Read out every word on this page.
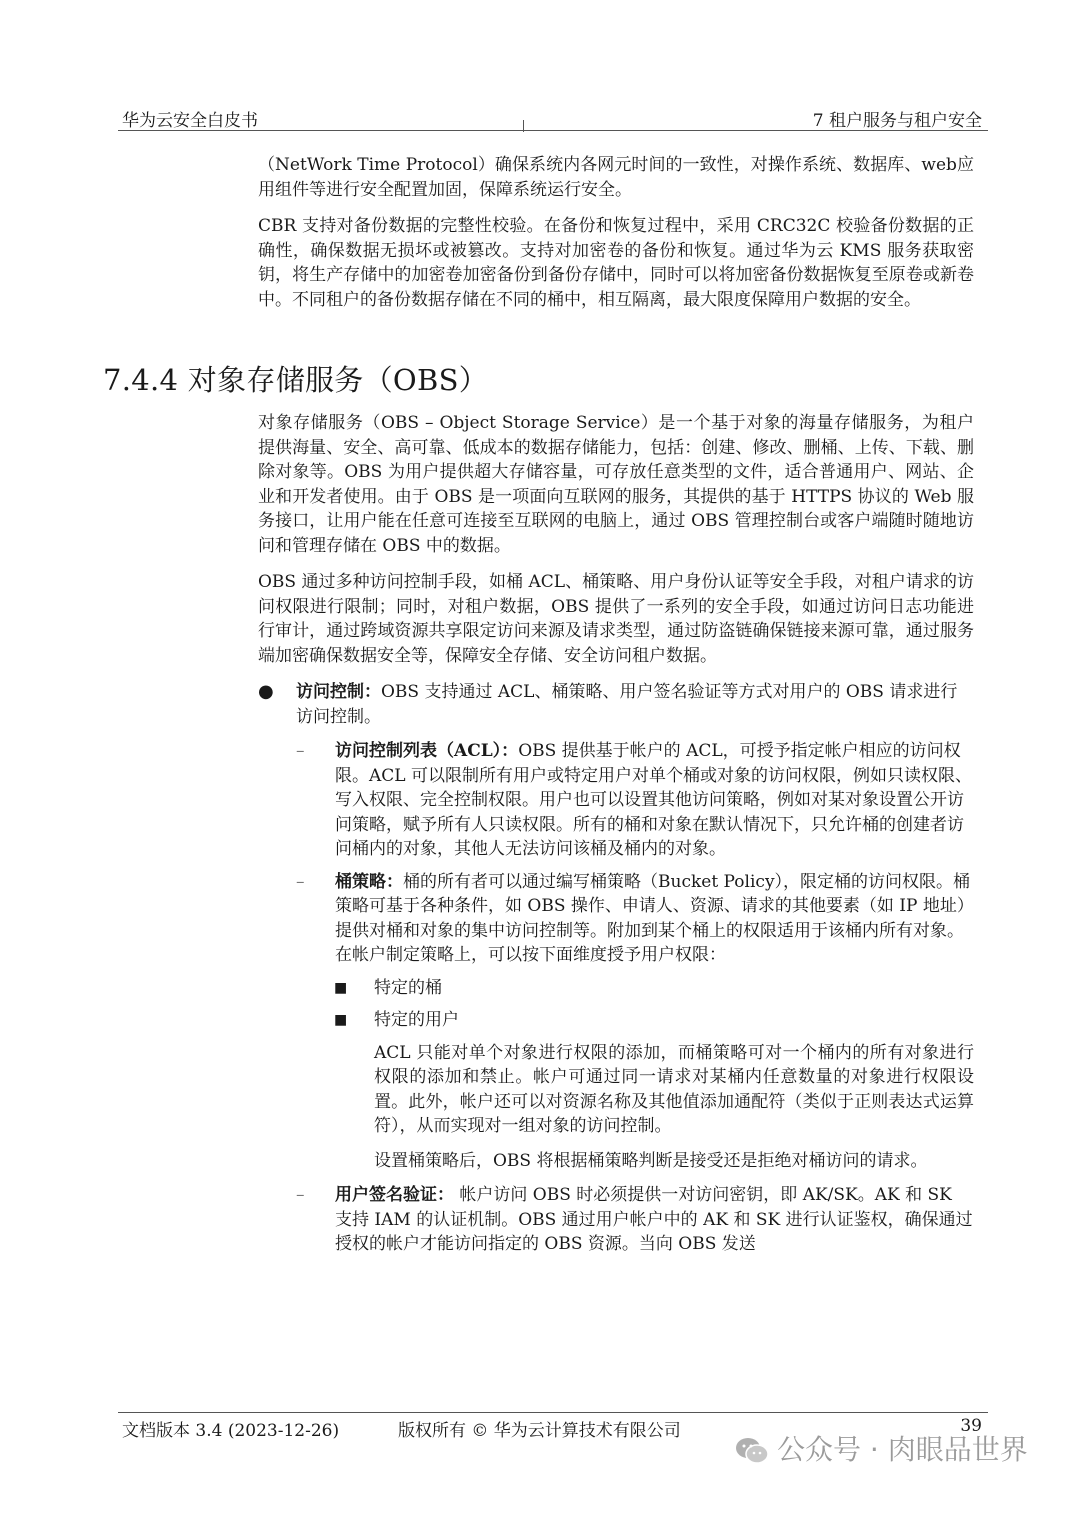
华为云安全白皮书	7 租户服务与租户安全

（NetWork Time Protocol）确保系统内各网元时间的一致性，对操作系统、数据库、web应用组件等进行安全配置加固，保障系统运行安全。

CBR 支持对备份数据的完整性校验。在备份和恢复过程中，采用 CRC32C 校验备份数据的正确性，确保数据无损坏或被篡改。支持对加密卷的备份和恢复。通过华为云 KMS 服务获取密钥，将生产存储中的加密卷加密备份到备份存储中，同时可以将加密备份数据恢复至原卷或新卷中。不同租户的备份数据存储在不同的桶中，相互隔离，最大限度保障用户数据的安全。

7.4.4 对象存储服务（OBS）

对象存储服务（OBS – Object Storage Service）是一个基于对象的海量存储服务，为租户提供海量、安全、高可靠、低成本的数据存储能力，包括：创建、修改、删桶、上传、下载、删除对象等。OBS 为用户提供超大存储容量，可存放任意类型的文件，适合普通用户、网站、企业和开发者使用。由于 OBS 是一项面向互联网的服务，其提供的基于 HTTPS 协议的 Web 服务接口，让用户能在任意可连接至互联网的电脑上，通过 OBS 管理控制台或客户端随时随地访问和管理存储在 OBS 中的数据。

OBS 通过多种访问控制手段，如桶 ACL、桶策略、用户身份认证等安全手段，对租户请求的访问权限进行限制；同时，对租户数据，OBS 提供了一系列的安全手段，如通过访问日志功能进行审计，通过跨域资源共享限定访问来源及请求类型，通过防盗链确保链接来源可靠，通过服务端加密确保数据安全等，保障安全存储、安全访问租户数据。

● 访问控制：OBS 支持通过 ACL、桶策略、用户签名验证等方式对用户的 OBS 请求进行访问控制。
– 访问控制列表（ACL）：OBS 提供基于帐户的 ACL，可授予指定帐户相应的访问权限。ACL 可以限制所有用户或特定用户对单个桶或对象的访问权限，例如只读权限、写入权限、完全控制权限。用户也可以设置其他访问策略，例如对某对象设置公开访问策略，赋予所有人只读权限。所有的桶和对象在默认情况下，只允许桶的创建者访问桶内的对象，其他人无法访问该桶及桶内的对象。
– 桶策略：桶的所有者可以通过编写桶策略（Bucket Policy），限定桶的访问权限。桶策略可基于各种条件，如 OBS 操作、申请人、资源、请求的其他要素（如 IP 地址）提供对桶和对象的集中访问控制等。附加到某个桶上的权限适用于该桶内所有对象。在帐户制定策略上，可以按下面维度授予用户权限：
■ 特定的桶
■ 特定的用户
ACL 只能对单个对象进行权限的添加，而桶策略可对一个桶内的所有对象进行权限的添加和禁止。帐户可通过同一请求对某桶内任意数量的对象进行权限设置。此外，帐户还可以对资源名称及其他值添加通配符（类似于正则表达式运算符），从而实现对一组对象的访问控制。
设置桶策略后，OBS 将根据桶策略判断是接受还是拒绝对桶访问的请求。
– 用户签名验证： 帐户访问 OBS 时必须提供一对访问密钥，即 AK/SK。AK 和 SK 支持 IAM 的认证机制。OBS 通过用户帐户中的 AK 和 SK 进行认证鉴权，确保通过授权的帐户才能访问指定的 OBS 资源。当向 OBS 发送
文档版本 3.4 (2023-12-26)	版权所有 © 华为云计算技术有限公司	39
公众号 · 肉眼品世界
